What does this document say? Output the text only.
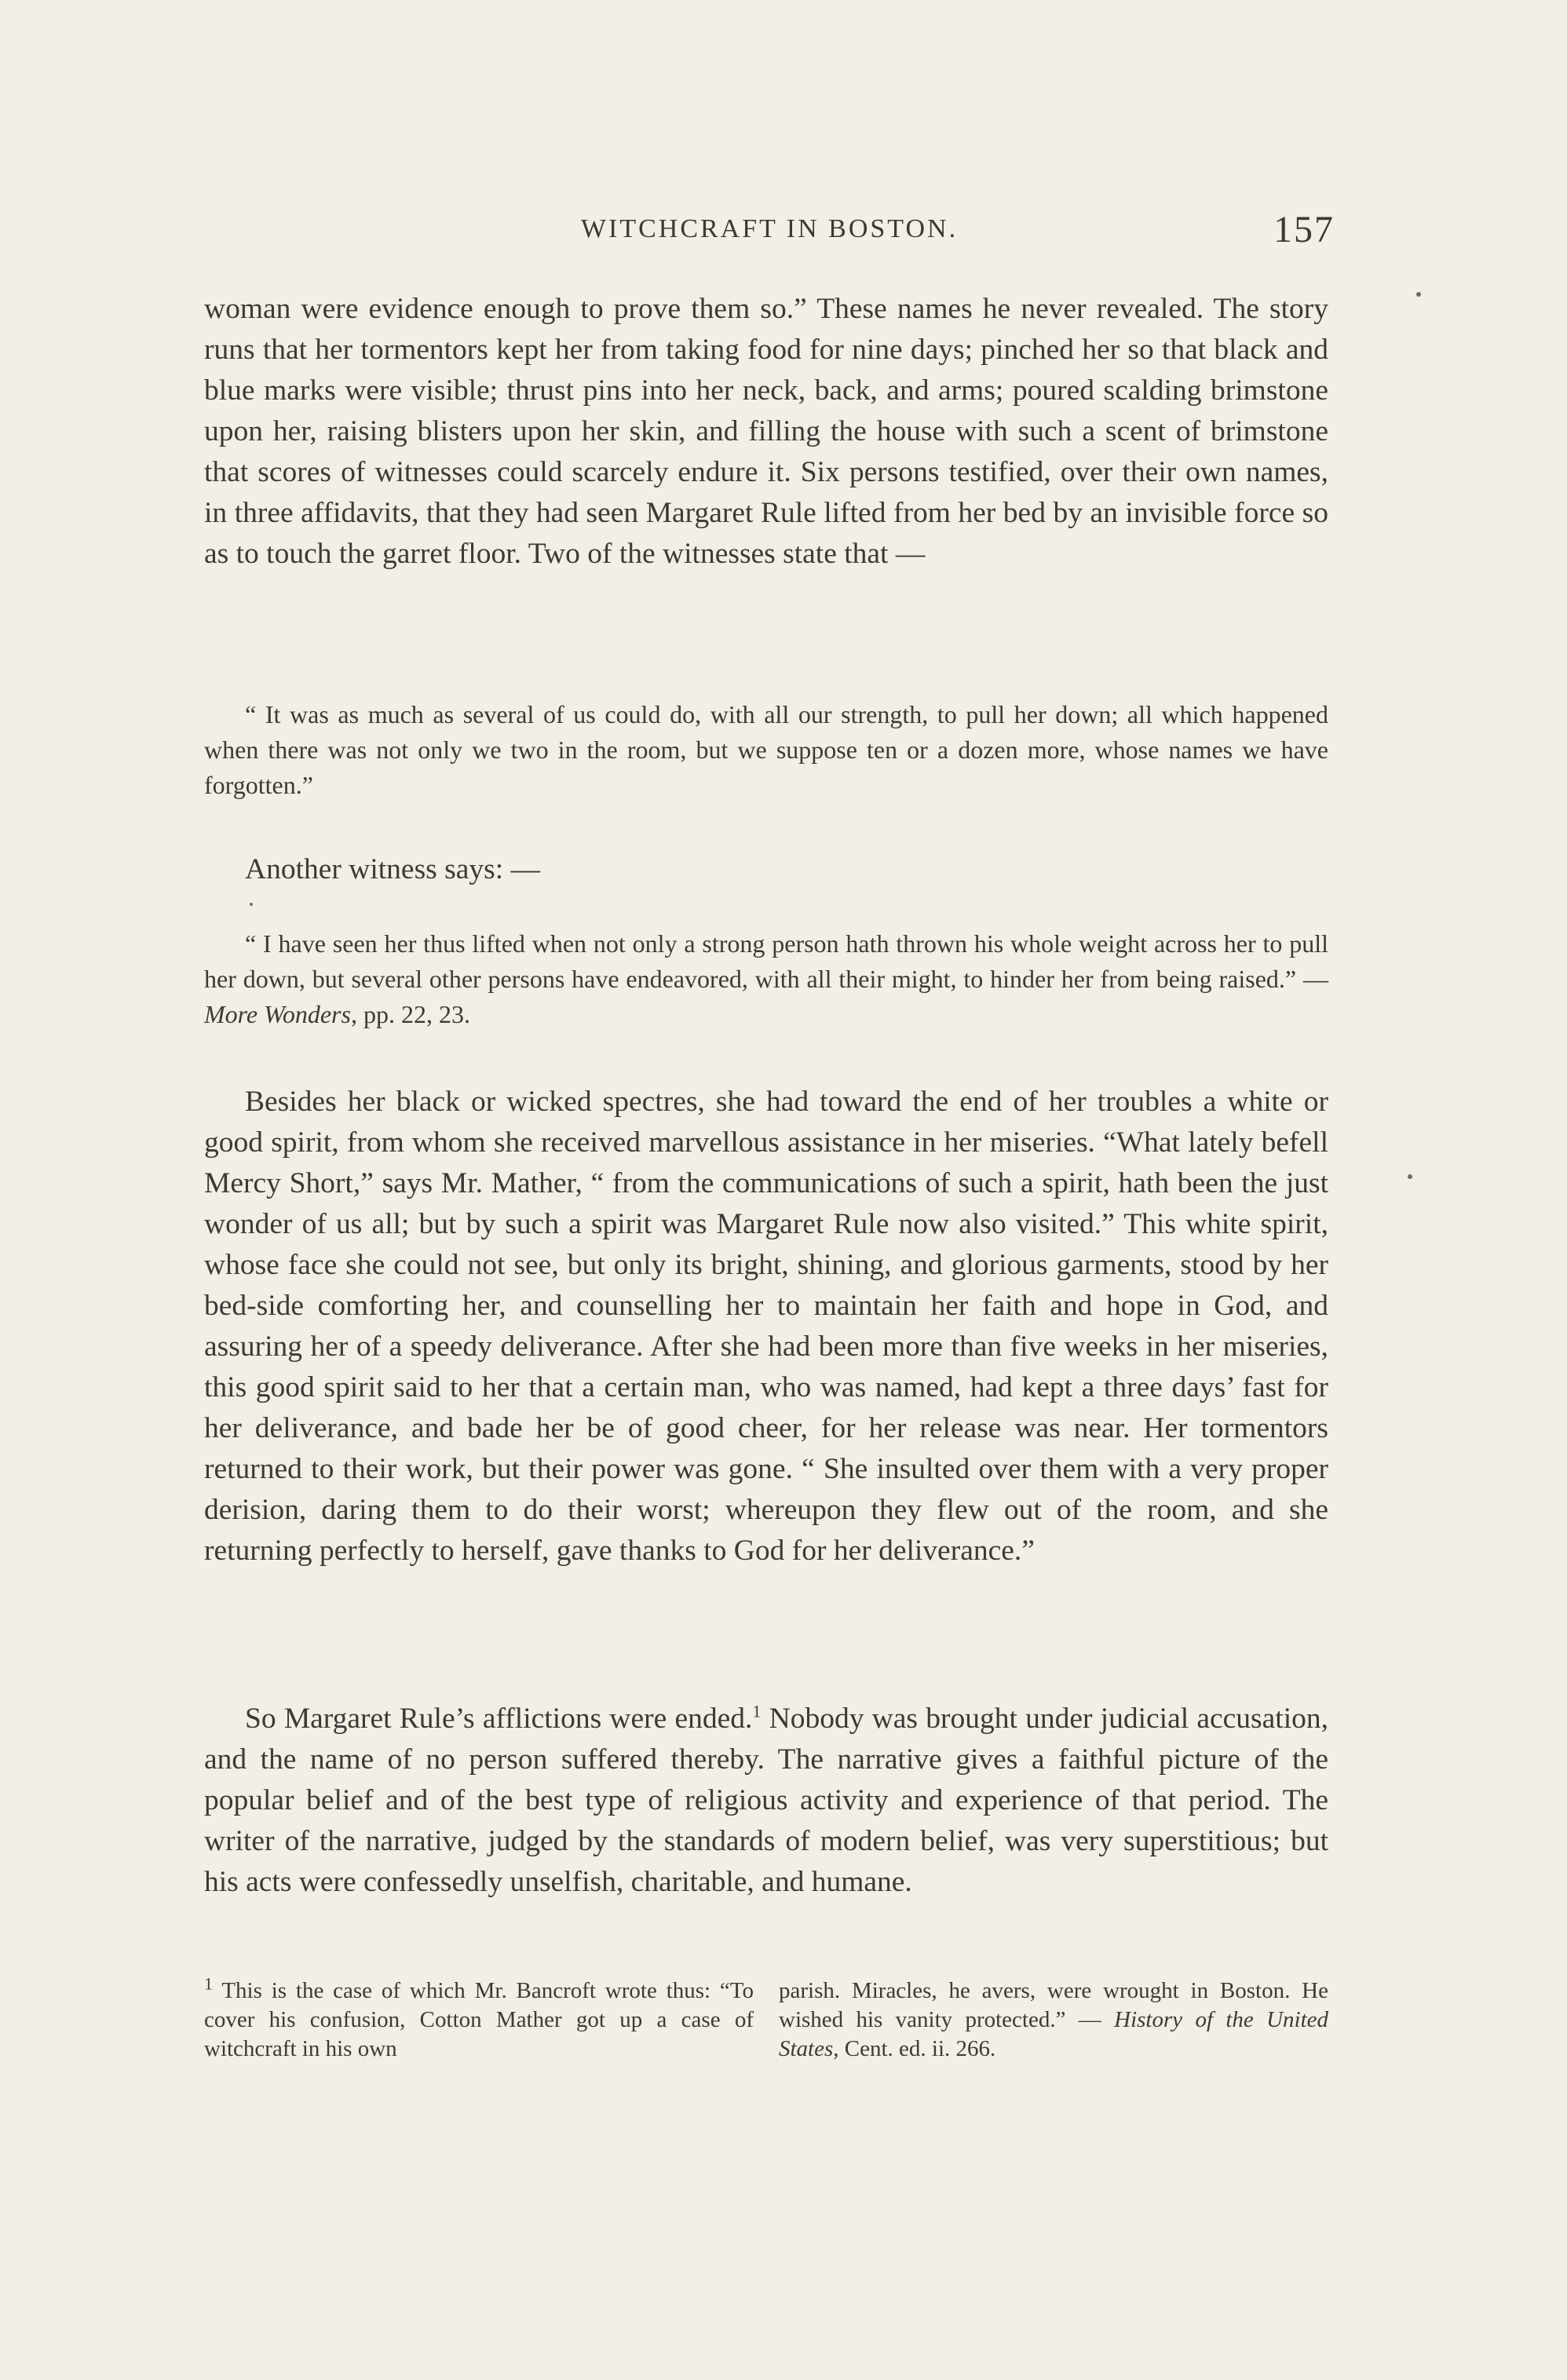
WITCHCRAFT IN BOSTON.	157

woman were evidence enough to prove them so.” These names he never revealed. The story runs that her tormentors kept her from taking food for nine days; pinched her so that black and blue marks were visible; thrust pins into her neck, back, and arms; poured scalding brimstone upon her, raising blisters upon her skin, and filling the house with such a scent of brimstone that scores of witnesses could scarcely endure it. Six persons testified, over their own names, in three affidavits, that they had seen Margaret Rule lifted from her bed by an invisible force so as to touch the garret floor. Two of the witnesses state that —

“ It was as much as several of us could do, with all our strength, to pull her down; all which happened when there was not only we two in the room, but we suppose ten or a dozen more, whose names we have forgotten.”

Another witness says: —

“ I have seen her thus lifted when not only a strong person hath thrown his whole weight across her to pull her down, but several other persons have endeavored, with all their might, to hinder her from being raised.” —More Wonders, pp. 22, 23.

Besides her black or wicked spectres, she had toward the end of her troubles a white or good spirit, from whom she received marvellous assistance in her miseries. “What lately befell Mercy Short,” says Mr. Mather, “ from the communications of such a spirit, hath been the just wonder of us all; but by such a spirit was Margaret Rule now also visited.” This white spirit, whose face she could not see, but only its bright, shining, and glorious garments, stood by her bed-side comforting her, and counselling her to maintain her faith and hope in God, and assuring her of a speedy deliverance. After she had been more than five weeks in her miseries, this good spirit said to her that a certain man, who was named, had kept a three days’ fast for her deliverance, and bade her be of good cheer, for her release was near. Her tormentors returned to their work, but their power was gone. “ She insulted over them with a very proper derision, daring them to do their worst; whereupon they flew out of the room, and she returning perfectly to herself, gave thanks to God for her deliverance.”

So Margaret Rule’s afflictions were ended.$^1$ Nobody was brought under judicial accusation, and the name of no person suffered thereby. The narrative gives a faithful picture of the popular belief and of the best type of religious activity and experience of that period. The writer of the narrative, judged by the standards of modern belief, was very superstitious; but his acts were confessedly unselfish, charitable, and humane.

$^1$ This is the case of which Mr. Bancroft wrote thus: “To cover his confusion, Cotton Mather got up a case of witchcraft in his own

parish. Miracles, he avers, were wrought in Boston. He wished his vanity protected.” — History of the United States, Cent. ed. ii. 266.
